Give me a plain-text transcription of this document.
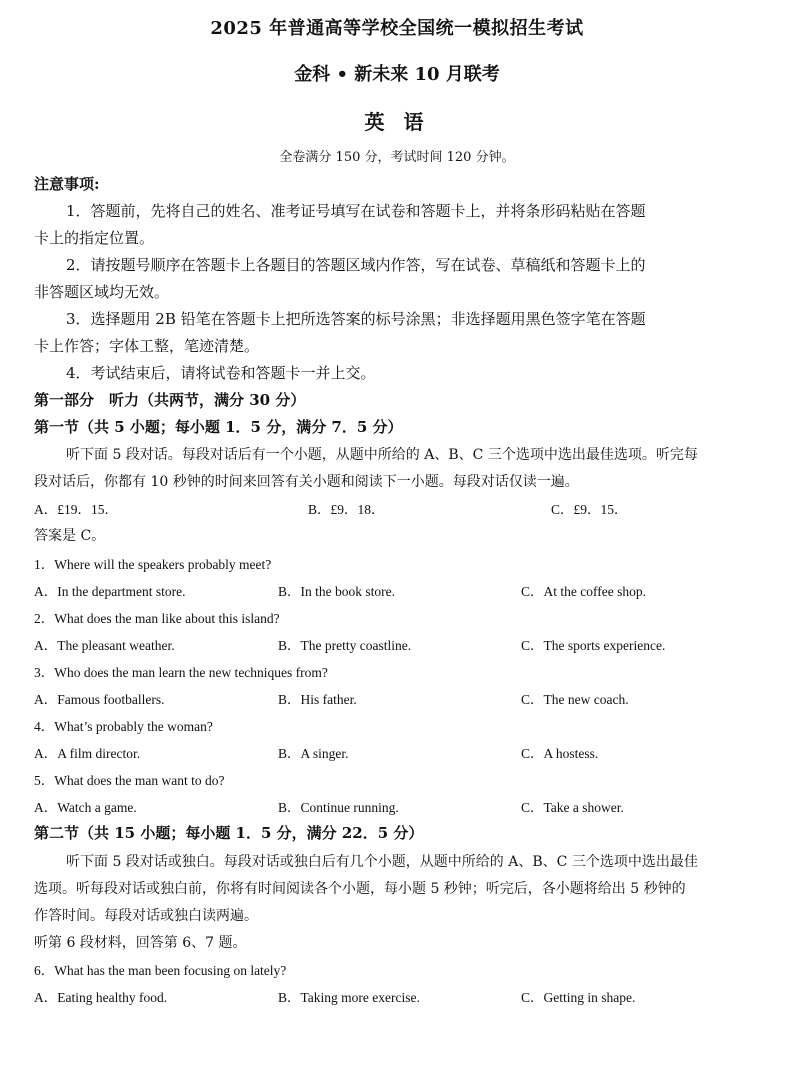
2025 年普通高等学校全国统一模拟招生考试
金科 • 新未来 10 月联考
英 语
全卷满分 150 分，考试时间 120 分钟。
注意事项:
1．答题前，先将自己的姓名、准考证号填写在试卷和答题卡上，并将条形码粘贴在答题
卡上的指定位置。
2．请按题号顺序在答题卡上各题目的答题区域内作答，写在试卷、草稿纸和答题卡上的
非答题区域均无效。
3．选择题用 2B 铅笔在答题卡上把所选答案的标号涂黑；非选择题用黑色签字笔在答题
卡上作答；字体工整，笔迹清楚。
4．考试结束后，请将试卷和答题卡一并上交。
第一部分　听力（共两节，满分 30 分）
第一节（共 5 小题；每小题 1．5 分，满分 7．5 分）
听下面 5 段对话。每段对话后有一个小题，从题中所给的 A、B、C 三个选项中选出最佳选项。听完每
段对话后，你都有 10 秒钟的时间来回答有关小题和阅读下一小题。每段对话仅读一遍。
A．£19．15．	B．£9．18．	C．£9．15．
答案是 C。
1．Where will the speakers probably meet?
A．In the department store.	B．In the book store.	C．At the coffee shop.
2．What does the man like about this island?
A．The pleasant weather.	B．The pretty coastline.	C．The sports experience.
3．Who does the man learn the new techniques from?
A．Famous footballers.	B．His father.	C．The new coach.
4．What’s probably the woman?
A．A film director.	B．A singer.	C．A hostess.
5．What does the man want to do?
A．Watch a game.	B．Continue running.	C．Take a shower.
第二节（共 15 小题；每小题 1．5 分，满分 22．5 分）
听下面 5 段对话或独白。每段对话或独白后有几个小题，从题中所给的 A、B、C 三个选项中选出最佳
选项。听每段对话或独白前，你将有时间阅读各个小题，每小题 5 秒钟；听完后，各小题将给出 5 秒钟的
作答时间。每段对话或独白读两遍。
听第 6 段材料，回答第 6、7 题。
6．What has the man been focusing on lately?
A．Eating healthy food.	B．Taking more exercise.	C．Getting in shape.
